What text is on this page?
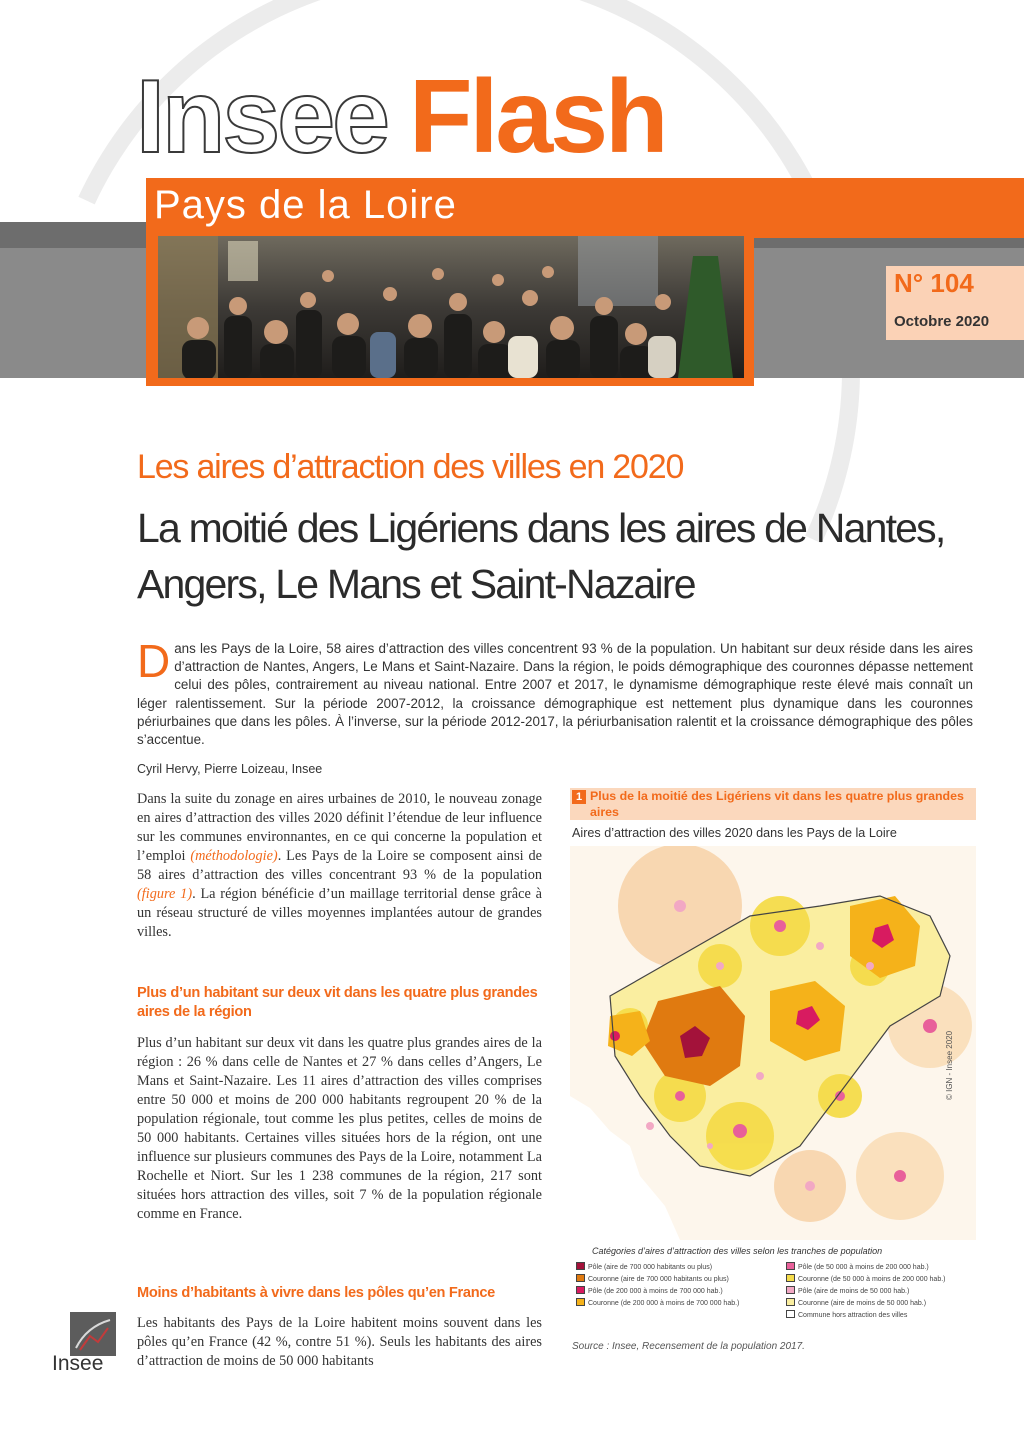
Insee Flash
Pays de la Loire
N° 104
Octobre 2020
Les aires d’attraction des villes en 2020
La moitié des Ligériens dans les aires de Nantes, Angers, Le Mans et Saint-Nazaire
Dans les Pays de la Loire, 58 aires d’attraction des villes concentrent 93 % de la population. Un habitant sur deux réside dans les aires d’attraction de Nantes, Angers, Le Mans et Saint-Nazaire. Dans la région, le poids démographique des couronnes dépasse nettement celui des pôles, contrairement au niveau national. Entre 2007 et 2017, le dynamisme démographique reste élevé mais connaît un léger ralentissement. Sur la période 2007-2012, la croissance démographique est nettement plus dynamique dans les couronnes périurbaines que dans les pôles. À l’inverse, sur la période 2012-2017, la périurbanisation ralentit et la croissance démographique des pôles s’accentue.
Cyril Hervy, Pierre Loizeau, Insee
Dans la suite du zonage en aires urbaines de 2010, le nouveau zonage en aires d’attraction des villes 2020 définit l’étendue de leur influence sur les communes environnantes, en ce qui concerne la population et l’emploi (méthodologie). Les Pays de la Loire se composent ainsi de 58 aires d’attraction des villes concentrant 93 % de la population (figure 1). La région bénéficie d’un maillage territorial dense grâce à un réseau structuré de villes moyennes implantées autour de grandes villes.
Plus d’un habitant sur deux vit dans les quatre plus grandes aires de la région
Plus d’un habitant sur deux vit dans les quatre plus grandes aires de la région : 26 % dans celle de Nantes et 27 % dans celles d’Angers, Le Mans et Saint-Nazaire. Les 11 aires d’attraction des villes comprises entre 50 000 et moins de 200 000 habitants regroupent 20 % de la population régionale, tout comme les plus petites, celles de moins de 50 000 habitants. Certaines villes situées hors de la région, ont une influence sur plusieurs communes des Pays de la Loire, notamment La Rochelle et Niort. Sur les 1 238 communes de la région, 217 sont situées hors attraction des villes, soit 7 % de la population régionale comme en France.
Moins d’habitants à vivre dans les pôles qu’en France
Les habitants des Pays de la Loire habitent moins souvent dans les pôles qu’en France (42 %, contre 51 %). Seuls les habitants des aires d’attraction de moins de 50 000 habitants
1 Plus de la moitié des Ligériens vit dans les quatre plus grandes aires
Aires d’attraction des villes 2020 dans les Pays de la Loire
© IGN - Insee 2020
Catégories d’aires d’attraction des villes selon les tranches de population
Pôle (aire de 700 000 habitants ou plus)
Couronne (aire de 700 000 habitants ou plus)
Pôle (de 200 000 à moins de 700 000 hab.)
Couronne (de 200 000 à moins de 700 000 hab.)
Pôle (de 50 000 à moins de 200 000 hab.)
Couronne (de 50 000 à moins de 200 000 hab.)
Pôle (aire de moins de 50 000 hab.)
Couronne (aire de moins de 50 000 hab.)
Commune hors attraction des villes
Source : Insee, Recensement de la population 2017.
Insee
